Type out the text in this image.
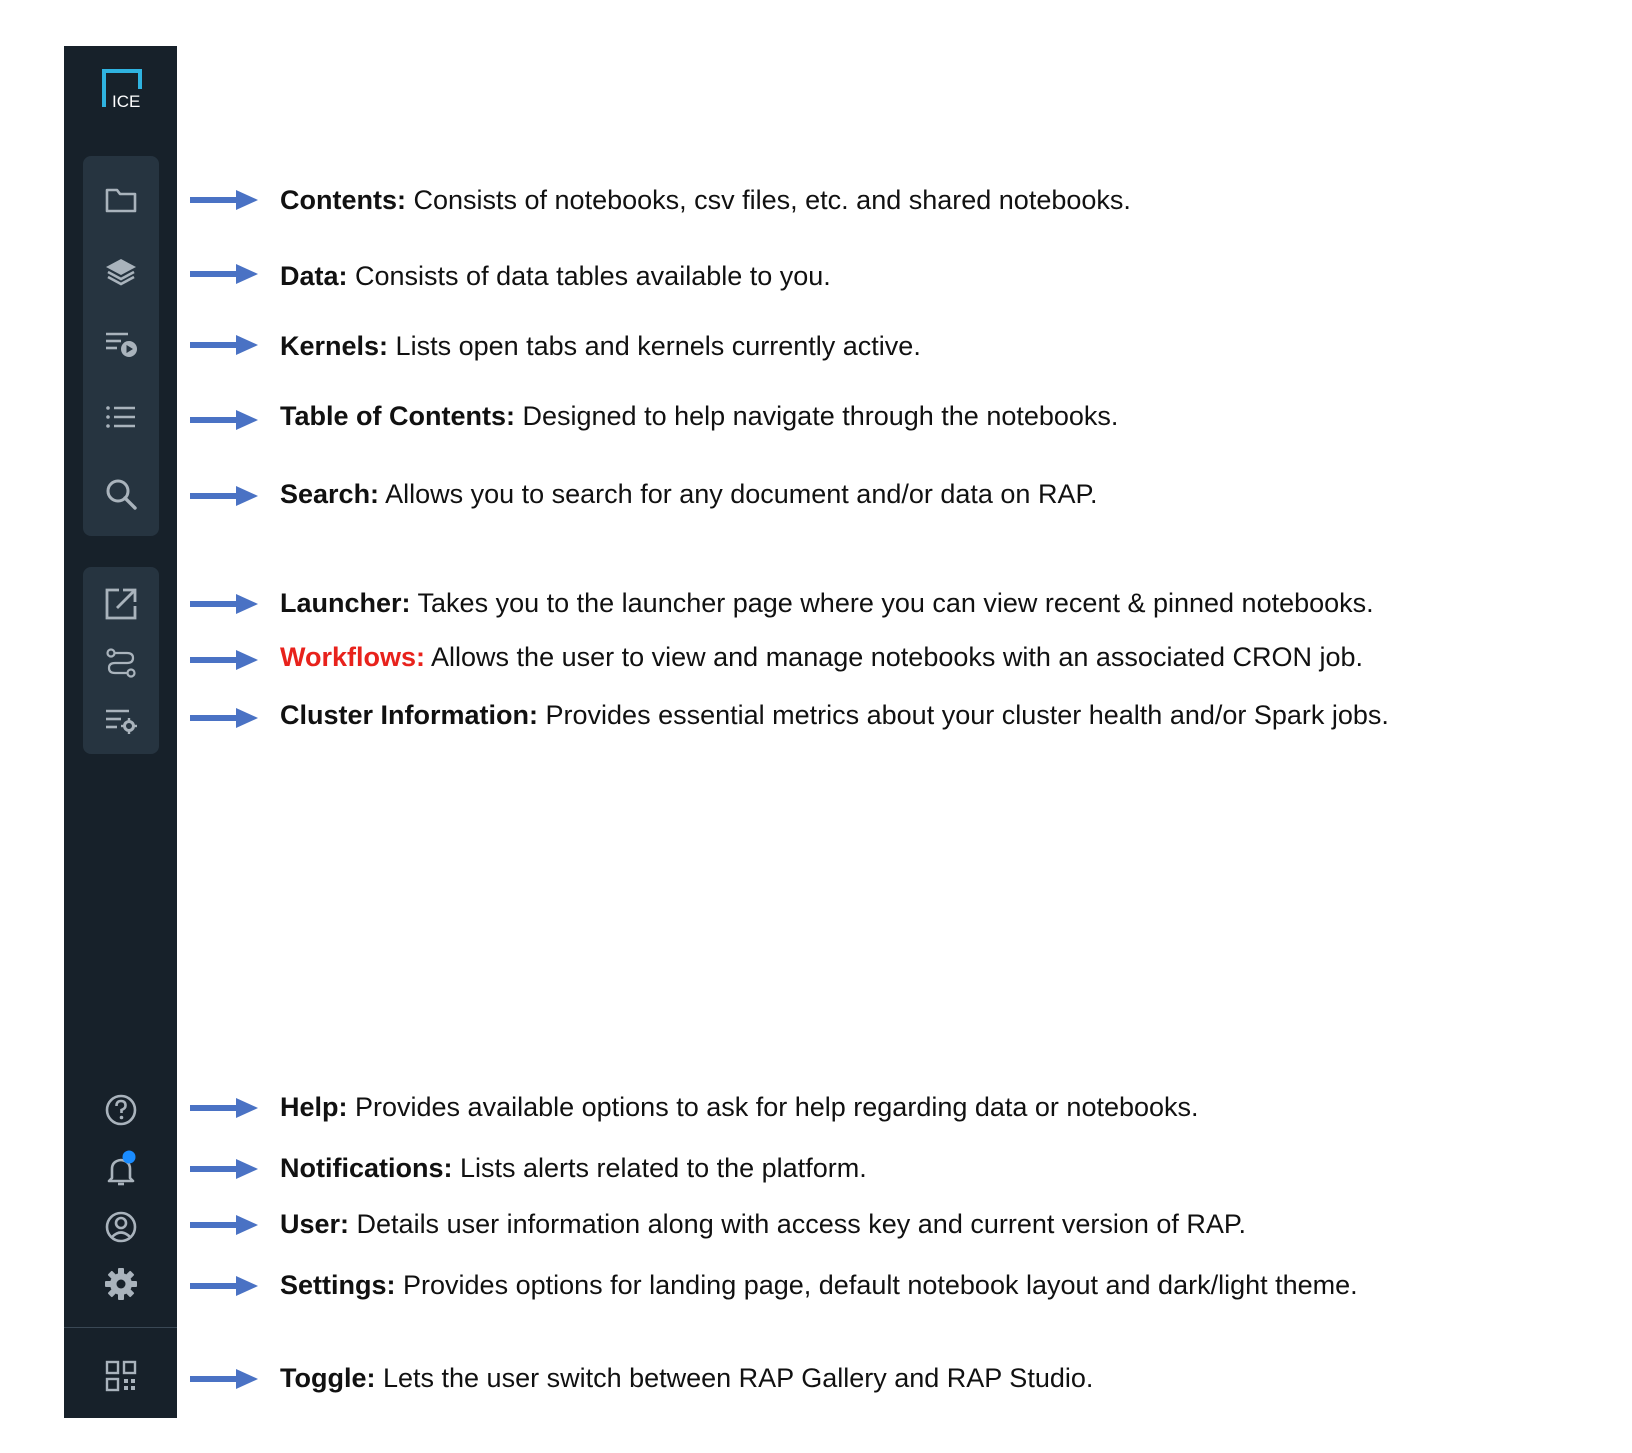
ICE
Contents: Consists of notebooks, csv files, etc. and shared notebooks.
Data: Consists of data tables available to you.
Kernels: Lists open tabs and kernels currently active.
Table of Contents: Designed to help navigate through the notebooks.
Search: Allows you to search for any document and/or data on RAP.
Launcher: Takes you to the launcher page where you can view recent & pinned notebooks.
Workflows: Allows the user to view and manage notebooks with an associated CRON job.
Cluster Information: Provides essential metrics about your cluster health and/or Spark jobs.
Help: Provides available options to ask for help regarding data or notebooks.
Notifications: Lists alerts related to the platform.
User: Details user information along with access key and current version of RAP.
Settings: Provides options for landing page, default notebook layout and dark/light theme.
Toggle: Lets the user switch between RAP Gallery and RAP Studio.
